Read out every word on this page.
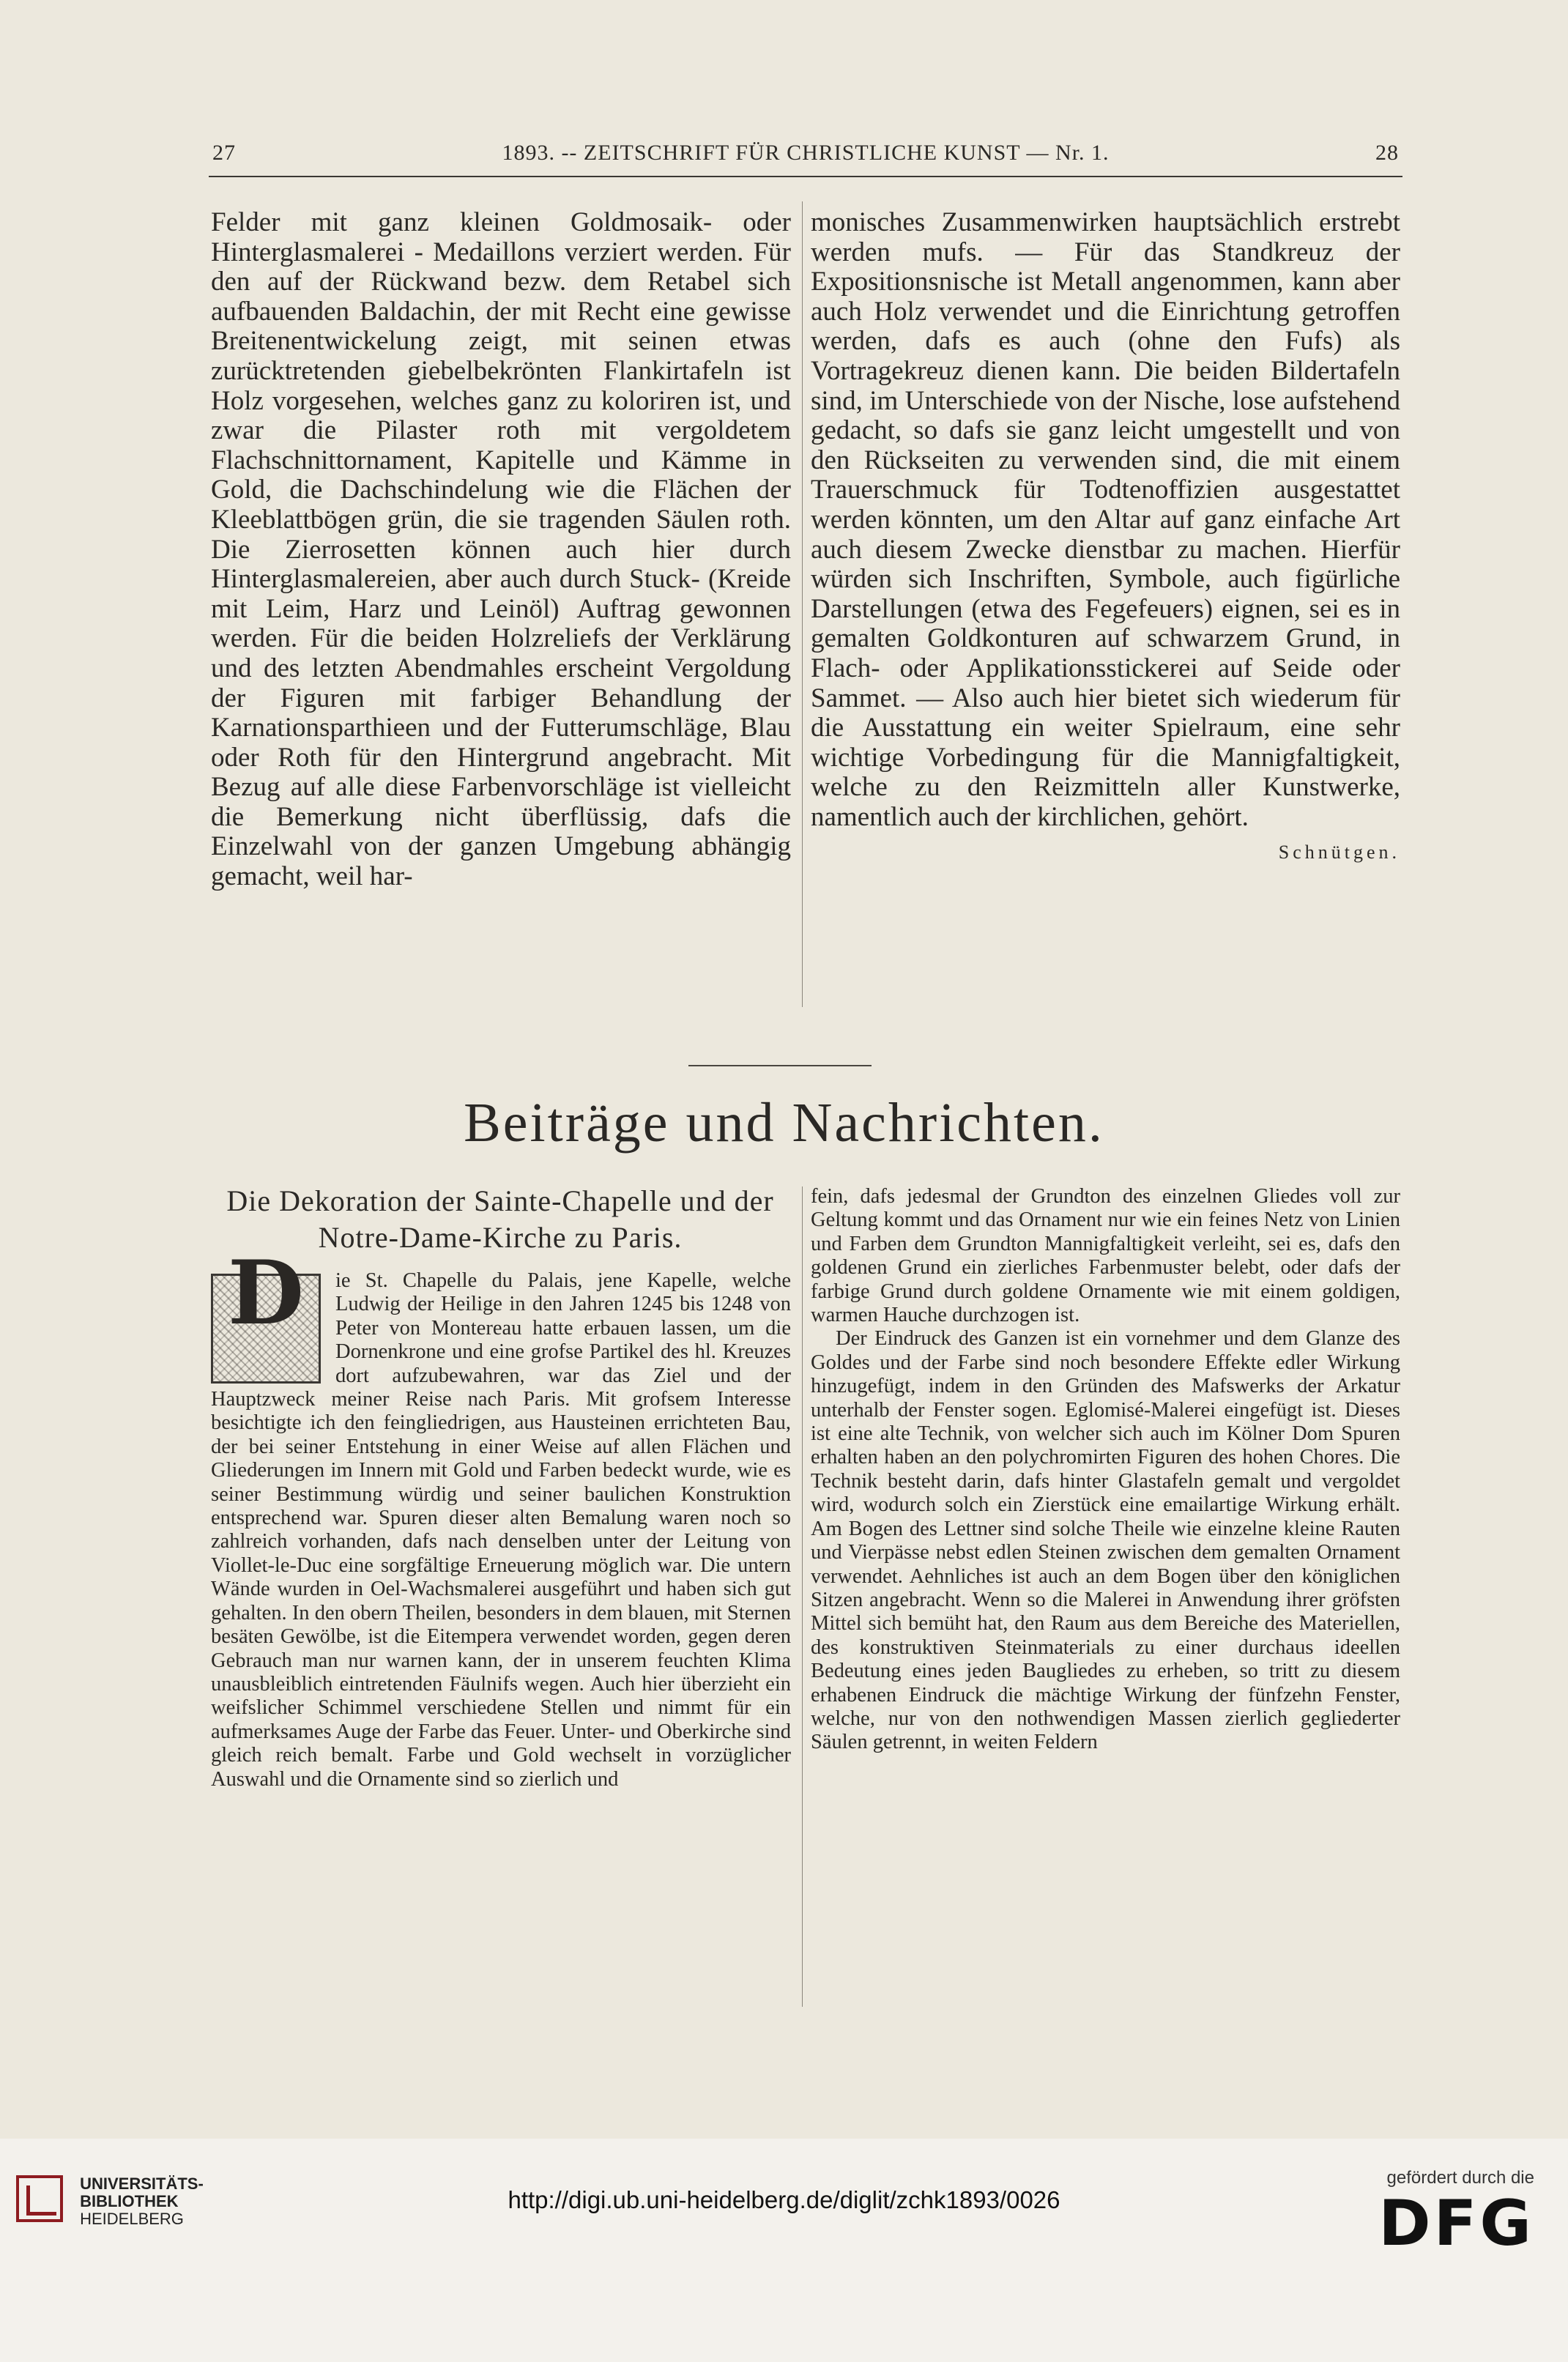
27	1893. -- ZEITSCHRIFT FÜR CHRISTLICHE KUNST — Nr. 1.	28

Felder mit ganz kleinen Goldmosaik- oder Hinterglasmalerei - Medaillons verziert werden. Für den auf der Rückwand bezw. dem Retabel sich aufbauenden Baldachin, der mit Recht eine gewisse Breitenentwickelung zeigt, mit seinen etwas zurücktretenden giebelbekrönten Flankirtafeln ist Holz vorgesehen, welches ganz zu koloriren ist, und zwar die Pilaster roth mit vergoldetem Flachschnittornament, Kapitelle und Kämme in Gold, die Dachschindelung wie die Flächen der Kleeblattbögen grün, die sie tragenden Säulen roth. Die Zierrosetten können auch hier durch Hinterglasmalereien, aber auch durch Stuck- (Kreide mit Leim, Harz und Leinöl) Auftrag gewonnen werden. Für die beiden Holzreliefs der Verklärung und des letzten Abendmahles erscheint Vergoldung der Figuren mit farbiger Behandlung der Karnationsparthieen und der Futterumschläge, Blau oder Roth für den Hintergrund angebracht. Mit Bezug auf alle diese Farbenvorschläge ist vielleicht die Bemerkung nicht überflüssig, dafs die Einzelwahl von der ganzen Umgebung abhängig gemacht, weil har-

monisches Zusammenwirken hauptsächlich erstrebt werden mufs. — Für das Standkreuz der Expositionsnische ist Metall angenommen, kann aber auch Holz verwendet und die Einrichtung getroffen werden, dafs es auch (ohne den Fufs) als Vortragekreuz dienen kann. Die beiden Bildertafeln sind, im Unterschiede von der Nische, lose aufstehend gedacht, so dafs sie ganz leicht umgestellt und von den Rückseiten zu verwenden sind, die mit einem Trauerschmuck für Todtenoffizien ausgestattet werden könnten, um den Altar auf ganz einfache Art auch diesem Zwecke dienstbar zu machen. Hierfür würden sich Inschriften, Symbole, auch figürliche Darstellungen (etwa des Fegefeuers) eignen, sei es in gemalten Goldkonturen auf schwarzem Grund, in Flach- oder Applikationsstickerei auf Seide oder Sammet. — Also auch hier bietet sich wiederum für die Ausstattung ein weiter Spielraum, eine sehr wichtige Vorbedingung für die Mannigfaltigkeit, welche zu den Reizmitteln aller Kunstwerke, namentlich auch der kirchlichen, gehört.

Schnütgen.
Beiträge und Nachrichten.
Die Dekoration der Sainte-Chapelle und der Notre-Dame-Kirche zu Paris.
D	ie St. Chapelle du Palais, jene Kapelle, welche Ludwig der Heilige in den Jahren 1245 bis 1248 von Peter von Montereau hatte erbauen lassen, um die Dornenkrone und eine grofse Partikel des hl. Kreuzes dort aufzubewahren, war das Ziel und der Hauptzweck meiner Reise nach Paris. Mit grofsem Interesse besichtigte ich den feingliedrigen, aus Hausteinen errichteten Bau, der bei seiner Entstehung in einer Weise auf allen Flächen und Gliederungen im Innern mit Gold und Farben bedeckt wurde, wie es seiner Bestimmung würdig und seiner baulichen Konstruktion entsprechend war. Spuren dieser alten Bemalung waren noch so zahlreich vorhanden, dafs nach denselben unter der Leitung von Viollet-le-Duc eine sorgfältige Erneuerung möglich war. Die untern Wände wurden in Oel-Wachsmalerei ausgeführt und haben sich gut gehalten. In den obern Theilen, besonders in dem blauen, mit Sternen besäten Gewölbe, ist die Eitempera verwendet worden, gegen deren Gebrauch man nur warnen kann, der in unserem feuchten Klima unausbleiblich eintretenden Fäulnifs wegen. Auch hier überzieht ein weifslicher Schimmel verschiedene Stellen und nimmt für ein aufmerksames Auge der Farbe das Feuer. Unter- und Oberkirche sind gleich reich bemalt. Farbe und Gold wechselt in vorzüglicher Auswahl und die Ornamente sind so zierlich und

fein, dafs jedesmal der Grundton des einzelnen Gliedes voll zur Geltung kommt und das Ornament nur wie ein feines Netz von Linien und Farben dem Grundton Mannigfaltigkeit verleiht, sei es, dafs den goldenen Grund ein zierliches Farbenmuster belebt, oder dafs der farbige Grund durch goldene Ornamente wie mit einem goldigen, warmen Hauche durchzogen ist.

Der Eindruck des Ganzen ist ein vornehmer und dem Glanze des Goldes und der Farbe sind noch besondere Effekte edler Wirkung hinzugefügt, indem in den Gründen des Mafswerks der Arkatur unterhalb der Fenster sogen. Eglomisé-Malerei eingefügt ist. Dieses ist eine alte Technik, von welcher sich auch im Kölner Dom Spuren erhalten haben an den polychromirten Figuren des hohen Chores. Die Technik besteht darin, dafs hinter Glastafeln gemalt und vergoldet wird, wodurch solch ein Zierstück eine emailartige Wirkung erhält. Am Bogen des Lettner sind solche Theile wie einzelne kleine Rauten und Vierpässe nebst edlen Steinen zwischen dem gemalten Ornament verwendet. Aehnliches ist auch an dem Bogen über den königlichen Sitzen angebracht. Wenn so die Malerei in Anwendung ihrer gröfsten Mittel sich bemüht hat, den Raum aus dem Bereiche des Materiellen, des konstruktiven Steinmaterials zu einer durchaus ideellen Bedeutung eines jeden Baugliedes zu erheben, so tritt zu diesem erhabenen Eindruck die mächtige Wirkung der fünfzehn Fenster, welche, nur von den nothwendigen Massen zierlich gegliederter Säulen getrennt, in weiten Feldern

UNIVERSITÄTS-
BIBLIOTHEK
HEIDELBERG
http://digi.ub.uni-heidelberg.de/diglit/zchk1893/0026
gefördert durch die
DFG
